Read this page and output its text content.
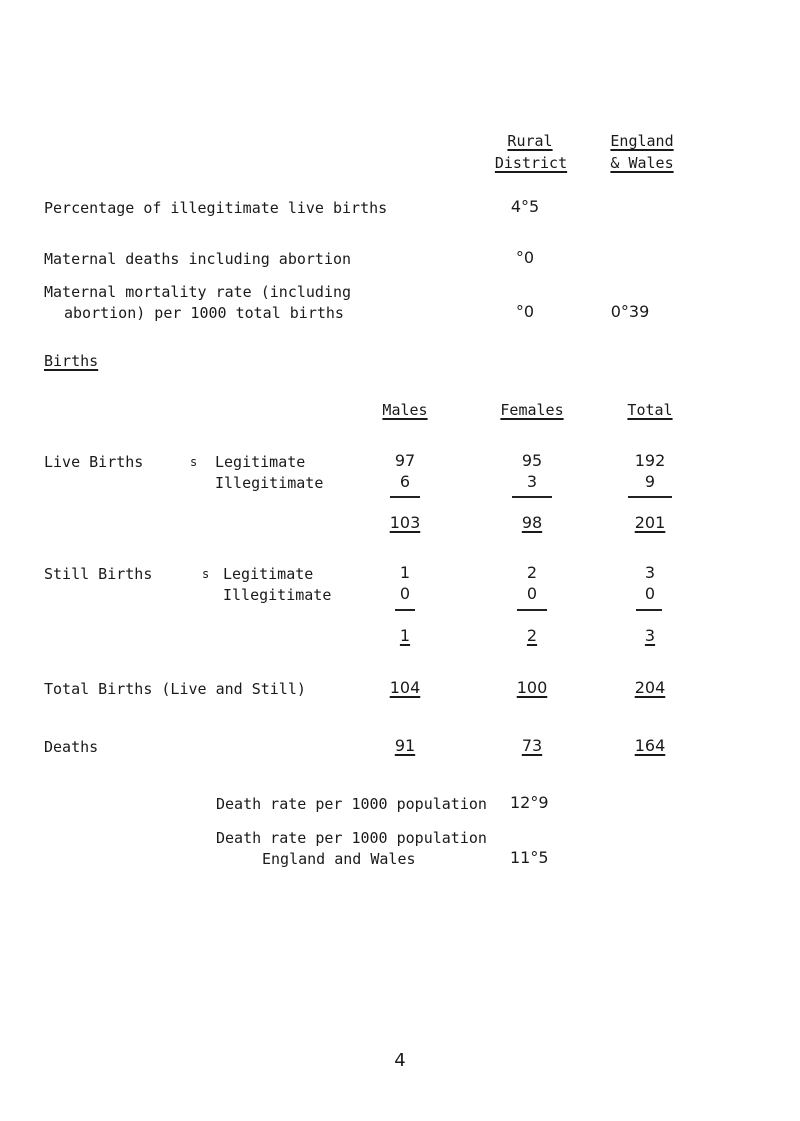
Rural
District
England
& Wales
Percentage of illegitimate live births	4°5
Maternal deaths including abortion	°0
Maternal mortality rate (including
abortion) per 1000 total births	°0	0°39
Births
Males	Females	Total
Live Births	s Legitimate	97	95	192
Illegitimate	6	3	9
103	98	201
Still Births	s Legitimate	1	2	3
Illegitimate	0	0	0
1	2	3
Total Births (Live and Still)	104	100	204
Deaths	91	73	164
Death rate per 1000 population 12°9
Death rate per 1000 population
England and Wales	11°5
4
